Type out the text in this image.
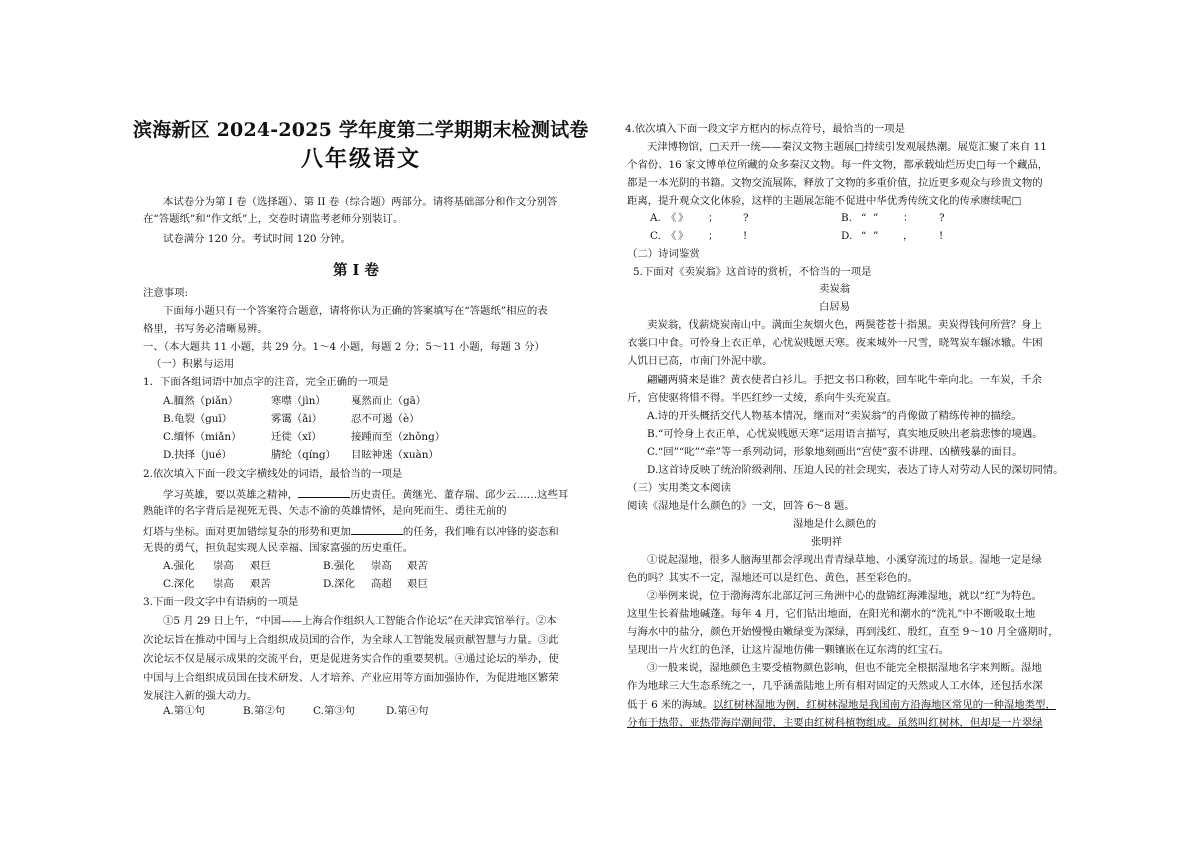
滨海新区 2024-2025 学年度第二学期期末检测试卷
八年级语文
本试卷分为第 I 卷（选择题）、第 II 卷（综合题）两部分。请将基础部分和作文分别答
在“答题纸”和“作文纸”上，交卷时请监考老师分别装订。
试卷满分 120 分。考试时间 120 分钟。
第 I 卷
注意事项:
下面每小题只有一个答案符合题意，请将你认为正确的答案填写在“答题纸”相应的表
格里，书写务必清晰易辨。
一、（本大题共 11 小题，共 29 分。1～4 小题，每题 2 分；5～11 小题，每题 3 分）
（一）积累与运用
1．下面各组词语中加点字的注音，完全正确的一项是
A.腼然（piǎn）	寒噤（jìn） 戛然而止（gā）
B.龟裂（guī）	雾霭（ǎi）	忍不可遏（è）
C.缅怀（miǎn）	迁徙（xǐ）	接踵而至（zhǒng）
D.抉择（jué）	腈纶（qíng） 目眩神迷（xuàn）
2.依次填入下面一段文字横线处的词语，最恰当的一项是
学习英雄，要以英雄之精神，	历史责任。黄继光、董存瑞、邱少云……这些耳
熟能详的名字背后是视死无畏、矢志不渝的英雄情怀，是向死而生、勇往无前的
灯塔与坐标。面对更加错综复杂的形势和更加	的任务，我们唯有以冲锋的姿态和
无畏的勇气，担负起实现人民幸福、国家富强的历史重任。
A.强化 崇高 艰巨	B.强化 崇高 艰苦
C.深化 崇高 艰苦	D.深化 高超 艰巨
3.下面一段文字中有语病的一项是
①5 月 29 日上午，“中国——上海合作组织人工智能合作论坛”在天津宾馆举行。②本
次论坛旨在推动中国与上合组织成员国的合作，为全球人工智能发展贡献智慧与力量。③此
次论坛不仅是展示成果的交流平台，更是促进务实合作的重要契机。④通过论坛的举办，使
中国与上合组织成员国在技术研发、人才培养、产业应用等方面加强协作，为促进地区繁荣
发展注入新的强大动力。
A.第①句	B.第②句	C.第③句	D.第④句
4.依次填入下面一段文字方框内的标点符号，最恰当的一项是
天津博物馆，□天开一统——秦汉文物主题展□持续引发观展热潮。展览汇聚了来自 11
个省份、16 家文博单位所藏的众多秦汉文物。每一件文物，都承载灿烂历史□每一个藏品，
都是一本光阴的书籍。文物交流展陈，释放了文物的多重价值，拉近更多观众与珍贵文物的
距离，提升观众文化体验，这样的主题展怎能不促进中华优秀传统文化的传承赓续呢□
A. 《 》 ； ?	B. “ ” ： ?
C. 《 》 ； !	D. “ ” ， !
（二）诗词鉴赏
5.下面对《卖炭翁》这首诗的赏析，不恰当的一项是
卖炭翁
白居易
卖炭翁，伐薪烧炭南山中。满面尘灰烟火色，两鬓苍苍十指黑。卖炭得钱何所营？身上
衣裳口中食。可怜身上衣正单，心忧炭贱愿天寒。夜来城外一尺雪，晓驾炭车辗冰辙。牛困
人饥日已高，市南门外泥中歇。
翩翩两骑来是谁？黄衣使者白衫儿。手把文书口称敕，回车叱牛牵向北。一车炭，千余
斤，宫使驱将惜不得。半匹红纱一丈绫，系向牛头充炭直。
A.诗的开头概括交代人物基本情况，继而对“卖炭翁”的肖像做了精练传神的描绘。
B.“可怜身上衣正单，心忧炭贱愿天寒”运用语言描写，真实地反映出老翁悲惨的境遇。
C.“回”“叱”“牵”等一系列动词，形象地刻画出“宫使”蛮不讲理、凶横残暴的面目。
D.这首诗反映了统治阶级剥削、压迫人民的社会现实，表达了诗人对劳动人民的深切同情。
（三）实用类文本阅读
阅读《湿地是什么颜色的》一文，回答 6～8 题。
湿地是什么颜色的
张明祥
①说起湿地，很多人脑海里都会浮现出青青绿草地、小溪穿流过的场景。湿地一定是绿
色的吗？其实不一定，湿地还可以是红色、黄色，甚至彩色的。
②举例来说，位于渤海湾东北部辽河三角洲中心的盘锦红海滩湿地，就以“红”为特色。
这里生长着盐地碱蓬。每年 4 月，它们钻出地面，在阳光和潮水的“洗礼”中不断吸取土地
与海水中的盐分，颜色开始慢慢由嫩绿变为深绿，再到浅红、殷红，直至 9～10 月全盛期时，
呈现出一片火红的色泽，让这片湿地仿佛一颗镶嵌在辽东湾的红宝石。
③一般来说，湿地颜色主要受植物颜色影响，但也不能完全根据湿地名字来判断。湿地
作为地球三大生态系统之一，几乎涵盖陆地上所有相对固定的天然或人工水体，还包括水深
低于 6 米的海域。以红树林湿地为例，红树林湿地是我国南方沿海地区常见的一种湿地类型，
分布于热带、亚热带海岸潮间带，主要由红树科植物组成。虽然叫红树林，但却是一片翠绿
